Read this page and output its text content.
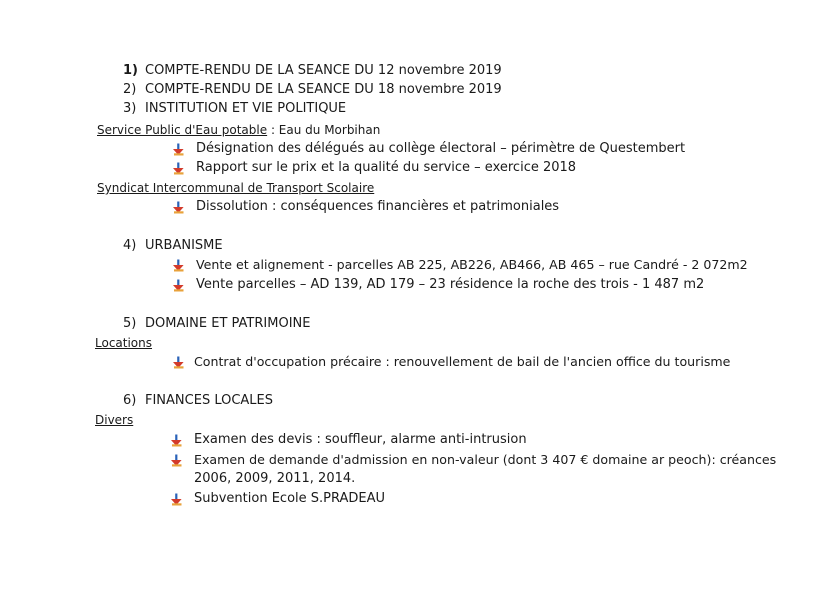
1) COMPTE-RENDU DE LA SEANCE DU 12 novembre 2019
2) COMPTE-RENDU DE LA SEANCE DU 18 novembre 2019
3) INSTITUTION ET VIE POLITIQUE
Service Public d'Eau potable : Eau du Morbihan
Désignation des délégués au collège électoral – périmètre de Questembert
Rapport sur le prix et la qualité du service – exercice 2018
Syndicat Intercommunal de Transport Scolaire
Dissolution : conséquences financières et patrimoniales
4) URBANISME
Vente et alignement - parcelles AB 225, AB226, AB466, AB 465 – rue Candré - 2 072m2
Vente parcelles – AD 139, AD 179 – 23 résidence la roche des trois - 1 487 m2
5) DOMAINE ET PATRIMOINE
Locations
Contrat d'occupation précaire : renouvellement de bail de l'ancien office du tourisme
6) FINANCES LOCALES
Divers
Examen des devis : souffleur, alarme anti-intrusion
Examen de demande d'admission en non-valeur (dont 3 407 € domaine ar peoch): créances
2006, 2009, 2011, 2014.
Subvention Ecole S.PRADEAU
